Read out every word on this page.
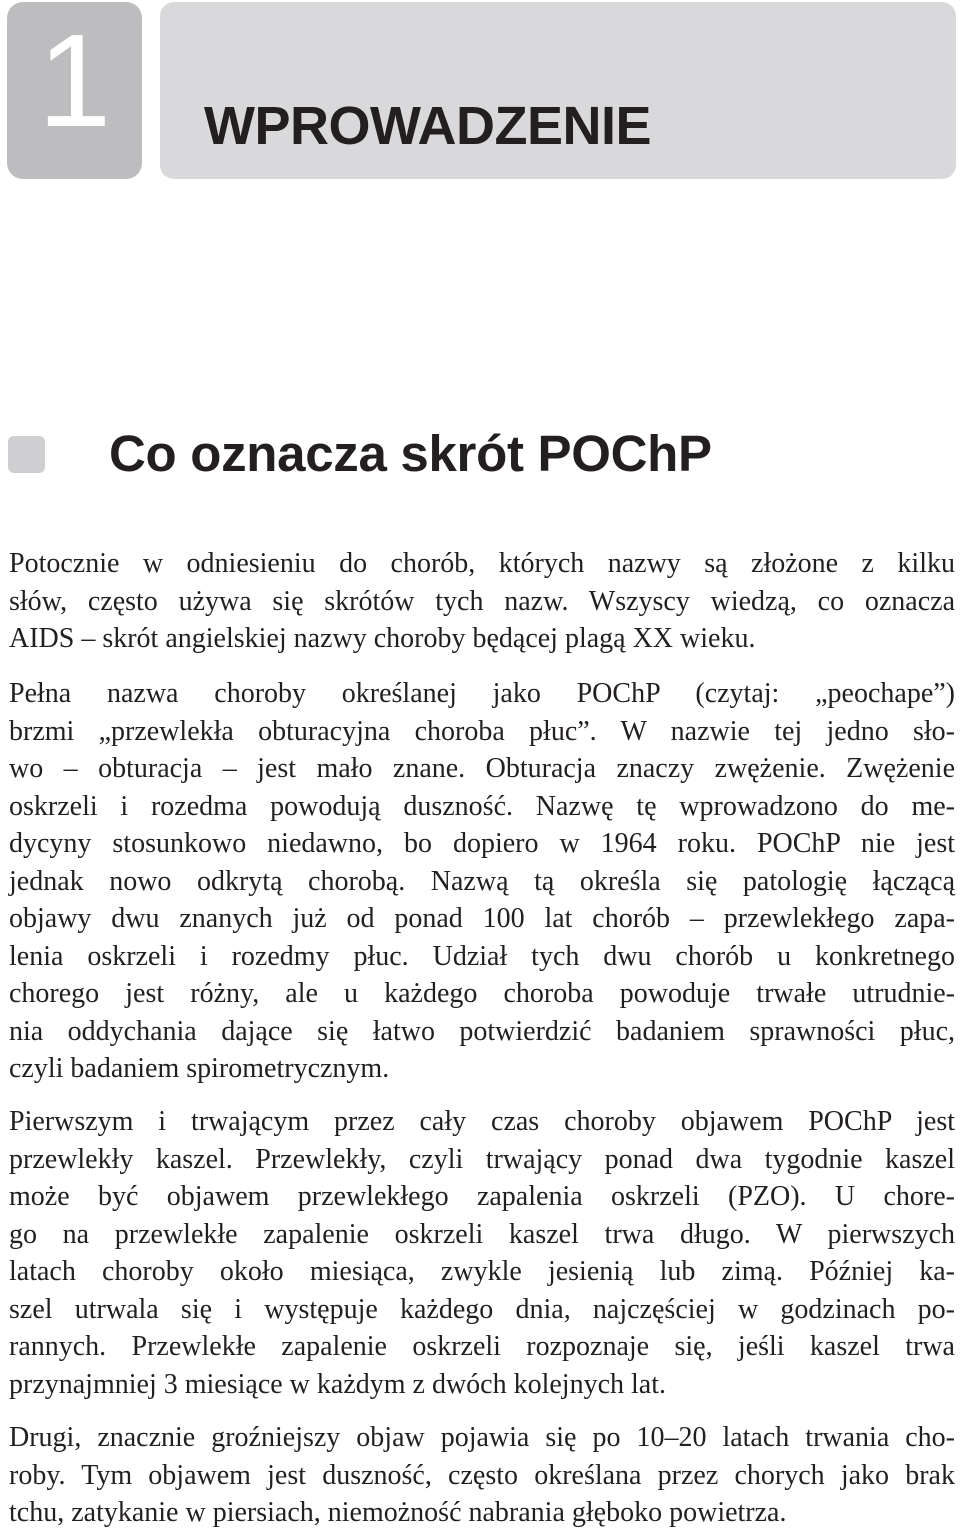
1	WPROWADZENIE
Co oznacza skrót POChP

Potocznie w odniesieniu do chorób, których nazwy są złożone z kilku
słów, często używa się skrótów tych nazw. Wszyscy wiedzą, co oznacza
AIDS – skrót angielskiej nazwy choroby będącej plagą XX wieku.

Pełna nazwa choroby określanej jako POChP (czytaj: „peochape”)
brzmi „przewlekła obturacyjna choroba płuc”. W nazwie tej jedno sło-
wo – obturacja – jest mało znane. Obturacja znaczy zwężenie. Zwężenie
oskrzeli i rozedma powodują duszność. Nazwę tę wprowadzono do me-
dycyny stosunkowo niedawno, bo dopiero w 1964 roku. POChP nie jest
jednak nowo odkrytą chorobą. Nazwą tą określa się patologię łączącą
objawy dwu znanych już od ponad 100 lat chorób – przewlekłego zapa-
lenia oskrzeli i rozedmy płuc. Udział tych dwu chorób u konkretnego
chorego jest różny, ale u każdego choroba powoduje trwałe utrudnie-
nia oddychania dające się łatwo potwierdzić badaniem sprawności płuc,
czyli badaniem spirometrycznym.

Pierwszym i trwającym przez cały czas choroby objawem POChP jest
przewlekły kaszel. Przewlekły, czyli trwający ponad dwa tygodnie kaszel
może być objawem przewlekłego zapalenia oskrzeli (PZO). U chore-
go na przewlekłe zapalenie oskrzeli kaszel trwa długo. W pierwszych
latach choroby około miesiąca, zwykle jesienią lub zimą. Później ka-
szel utrwala się i występuje każdego dnia, najczęściej w godzinach po-
rannych. Przewlekłe zapalenie oskrzeli rozpoznaje się, jeśli kaszel trwa
przynajmniej 3 miesiące w każdym z dwóch kolejnych lat.

Drugi, znacznie groźniejszy objaw pojawia się po 10–20 latach trwania cho-
roby. Tym objawem jest duszność, często określana przez chorych jako brak
tchu, zatykanie w piersiach, niemożność nabrania głęboko powietrza.
